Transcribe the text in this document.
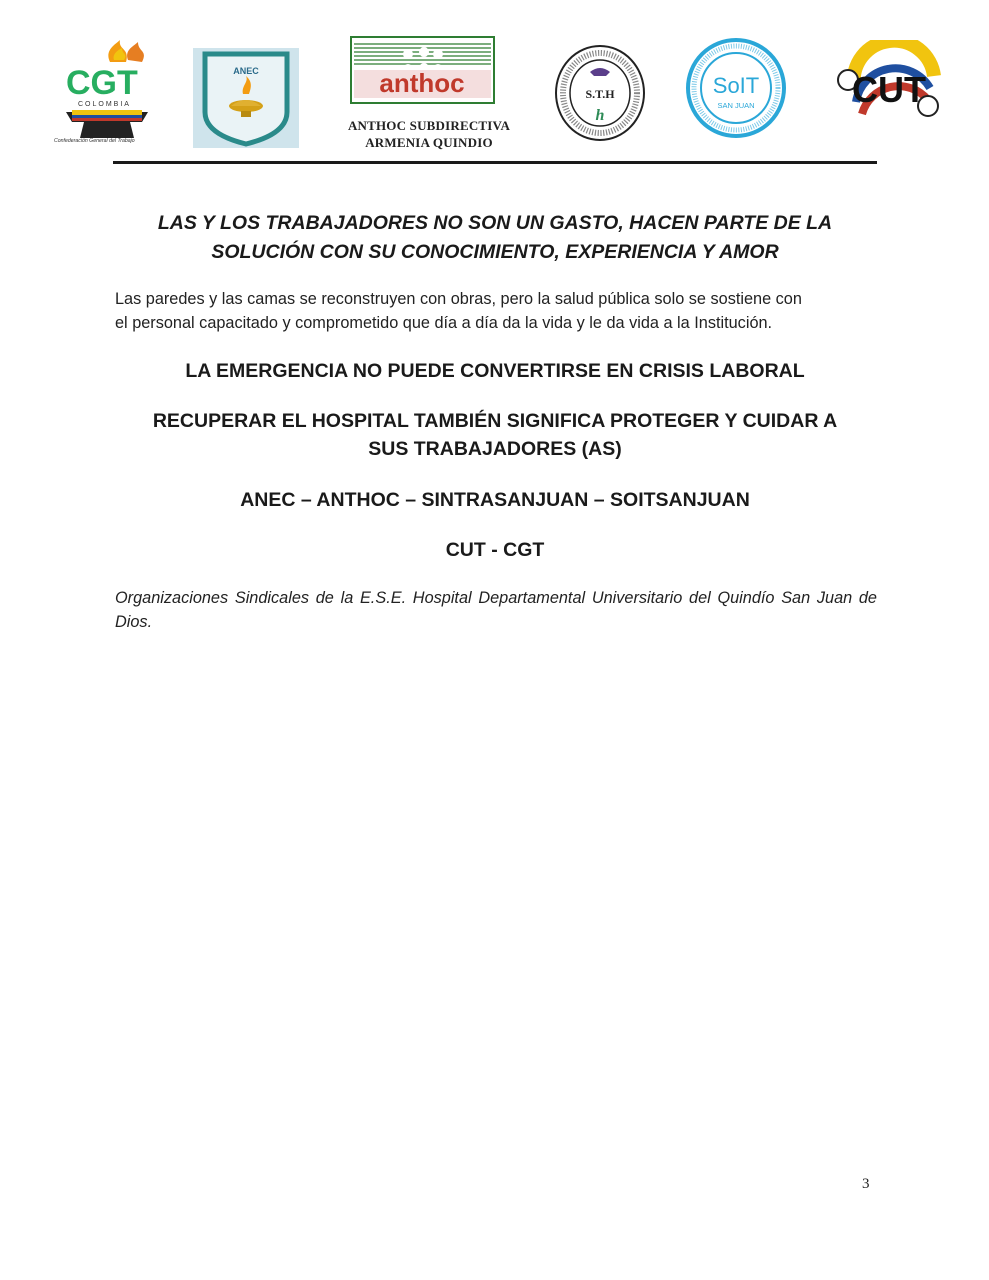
CGT
COLOMBIA
Confederación General del Trabajo
ANEC	anthoc
ANTHOC SUBDIRECTIVA
ARMENIA QUINDIO
S.T.H
h
SoIT
SAN JUAN	CUT
LAS Y LOS TRABAJADORES NO SON UN GASTO, HACEN PARTE DE LA
SOLUCIÓN CON SU CONOCIMIENTO, EXPERIENCIA Y AMOR
Las paredes y las camas se reconstruyen con obras, pero la salud pública solo se sostiene con
el personal capacitado y comprometido que día a día da la vida y le da vida a la Institución.
LA EMERGENCIA NO PUEDE CONVERTIRSE EN CRISIS LABORAL
RECUPERAR EL HOSPITAL TAMBIÉN SIGNIFICA PROTEGER Y CUIDAR A
SUS TRABAJADORES (AS)
ANEC – ANTHOC – SINTRASANJUAN – SOITSANJUAN
CUT - CGT
Organizaciones Sindicales de la E.S.E. Hospital Departamental Universitario del Quindío San Juan de Dios.
3
